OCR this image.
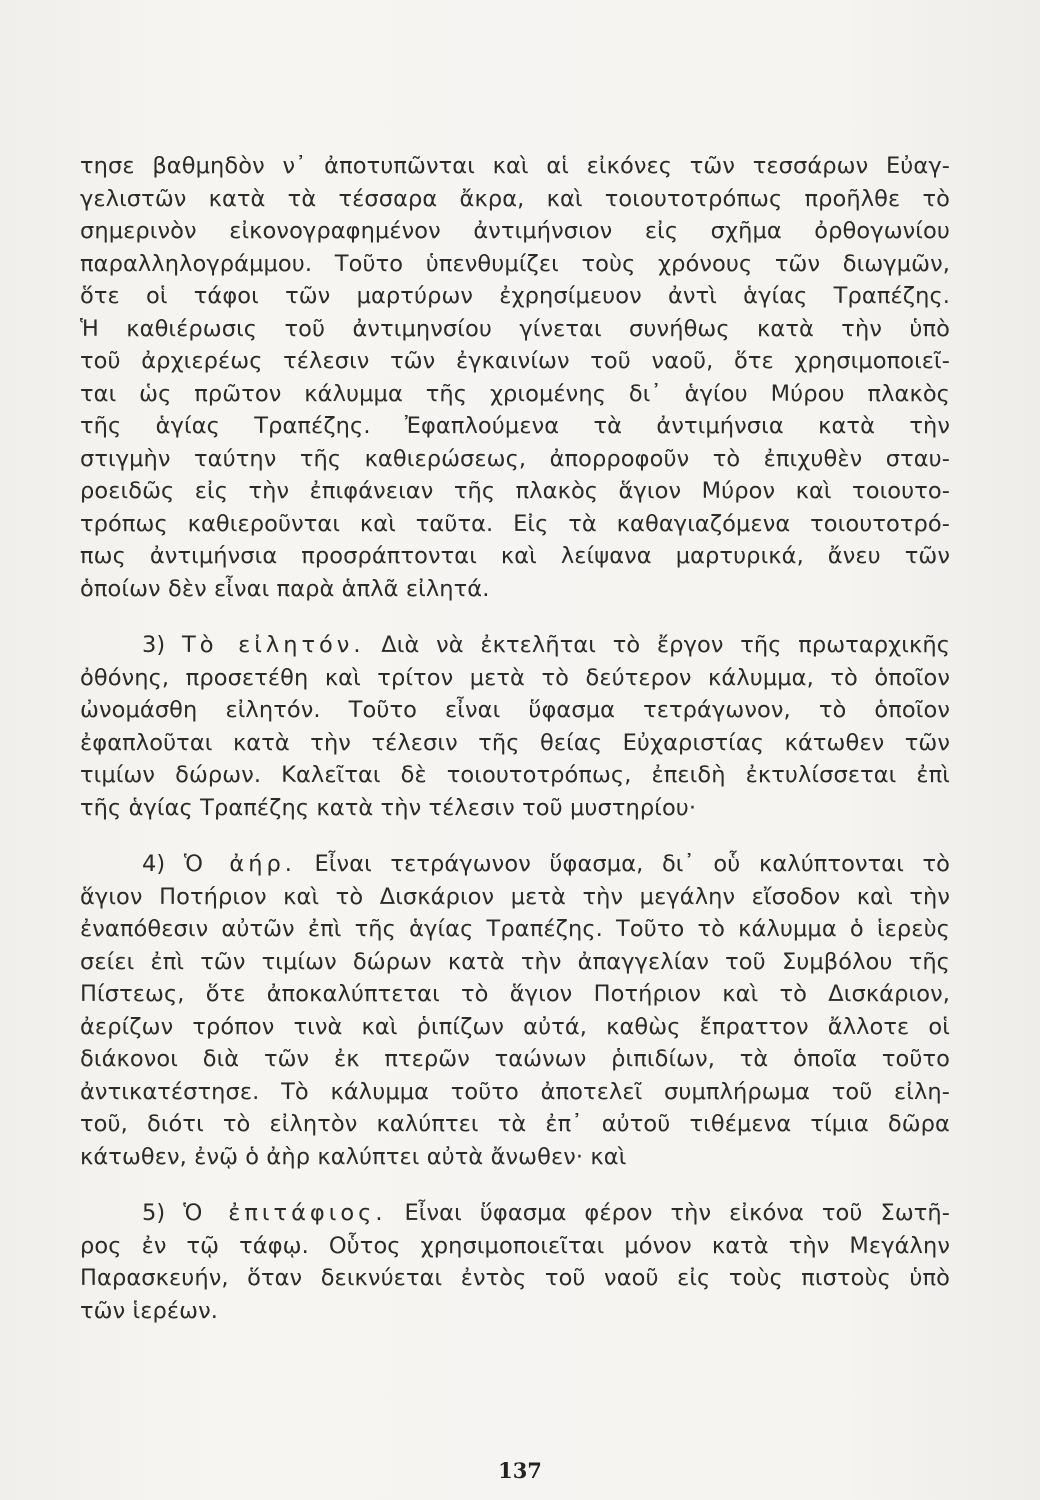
τησε βαθμηδὸν ν᾿ ἀποτυπῶνται καὶ αἱ εἰκόνες τῶν τεσσάρων Εὐαγ-
γελιστῶν κατὰ τὰ τέσσαρα ἄκρα, καὶ τοιουτοτρόπως προῆλθε τὸ
σημερινὸν εἰκονογραφημένον ἀντιμήνσιον εἰς σχῆμα ὀρθογωνίου
παραλληλογράμμου. Τοῦτο ὑπενθυμίζει τοὺς χρόνους τῶν διωγμῶν,
ὅτε οἱ τάφοι τῶν μαρτύρων ἐχρησίμευον ἀντὶ ἁγίας Τραπέζης.
Ἡ καθιέρωσις τοῦ ἀντιμηνσίου γίνεται συνήθως κατὰ τὴν ὑπὸ
τοῦ ἀρχιερέως τέλεσιν τῶν ἐγκαινίων τοῦ ναοῦ, ὅτε χρησιμοποιεῖ-
ται ὡς πρῶτον κάλυμμα τῆς χριομένης δι᾿ ἁγίου Μύρου πλακὸς
τῆς ἁγίας Τραπέζης. Ἐφαπλούμενα τὰ ἀντιμήνσια κατὰ τὴν
στιγμὴν ταύτην τῆς καθιερώσεως, ἀπορροφοῦν τὸ ἐπιχυθὲν σταυ-
ροειδῶς εἰς τὴν ἐπιφάνειαν τῆς πλακὸς ἅγιον Μύρον καὶ τοιουτο-
τρόπως καθιεροῦνται καὶ ταῦτα. Εἰς τὰ καθαγιαζόμενα τοιουτοτρό-
πως ἀντιμήνσια προσράπτονται καὶ λείψανα μαρτυρικά, ἄνευ τῶν
ὁποίων δὲν εἶναι παρὰ ἁπλᾶ εἰλητά.
3) Τὸ εἰλητόν. Διὰ νὰ ἐκτελῆται τὸ ἔργον τῆς πρωταρχικῆς
ὀθόνης, προσετέθη καὶ τρίτον μετὰ τὸ δεύτερον κάλυμμα, τὸ ὁποῖον
ὠνομάσθη εἰλητόν. Τοῦτο εἶναι ὕφασμα τετράγωνον, τὸ ὁποῖον
ἐφαπλοῦται κατὰ τὴν τέλεσιν τῆς θείας Εὐχαριστίας κάτωθεν τῶν
τιμίων δώρων. Καλεῖται δὲ τοιουτοτρόπως, ἐπειδὴ ἐκτυλίσσεται ἐπὶ
τῆς ἁγίας Τραπέζης κατὰ τὴν τέλεσιν τοῦ μυστηρίου·
4) Ὁ ἀήρ. Εἶναι τετράγωνον ὕφασμα, δι᾿ οὗ καλύπτονται τὸ
ἅγιον Ποτήριον καὶ τὸ Δισκάριον μετὰ τὴν μεγάλην εἴσοδον καὶ τὴν
ἐναπόθεσιν αὐτῶν ἐπὶ τῆς ἁγίας Τραπέζης. Τοῦτο τὸ κάλυμμα ὁ ἱερεὺς
σείει ἐπὶ τῶν τιμίων δώρων κατὰ τὴν ἀπαγγελίαν τοῦ Συμβόλου τῆς
Πίστεως, ὅτε ἀποκαλύπτεται τὸ ἅγιον Ποτήριον καὶ τὸ Δισκάριον,
ἀερίζων τρόπον τινὰ καὶ ῥιπίζων αὐτά, καθὼς ἔπραττον ἄλλοτε οἱ
διάκονοι διὰ τῶν ἐκ πτερῶν ταώνων ῥιπιδίων, τὰ ὁποῖα τοῦτο
ἀντικατέστησε. Τὸ κάλυμμα τοῦτο ἀποτελεῖ συμπλήρωμα τοῦ εἰλη-
τοῦ, διότι τὸ εἰλητὸν καλύπτει τὰ ἐπ᾿ αὐτοῦ τιθέμενα τίμια δῶρα
κάτωθεν, ἐνῷ ὁ ἀὴρ καλύπτει αὐτὰ ἄνωθεν· καὶ
5) Ὁ ἐπιτάφιος. Εἶναι ὕφασμα φέρον τὴν εἰκόνα τοῦ Σωτῆ-
ρος ἐν τῷ τάφῳ. Οὗτος χρησιμοποιεῖται μόνον κατὰ τὴν Μεγάλην
Παρασκευήν, ὅταν δεικνύεται ἐντὸς τοῦ ναοῦ εἰς τοὺς πιστοὺς ὑπὸ
τῶν ἱερέων.
137
